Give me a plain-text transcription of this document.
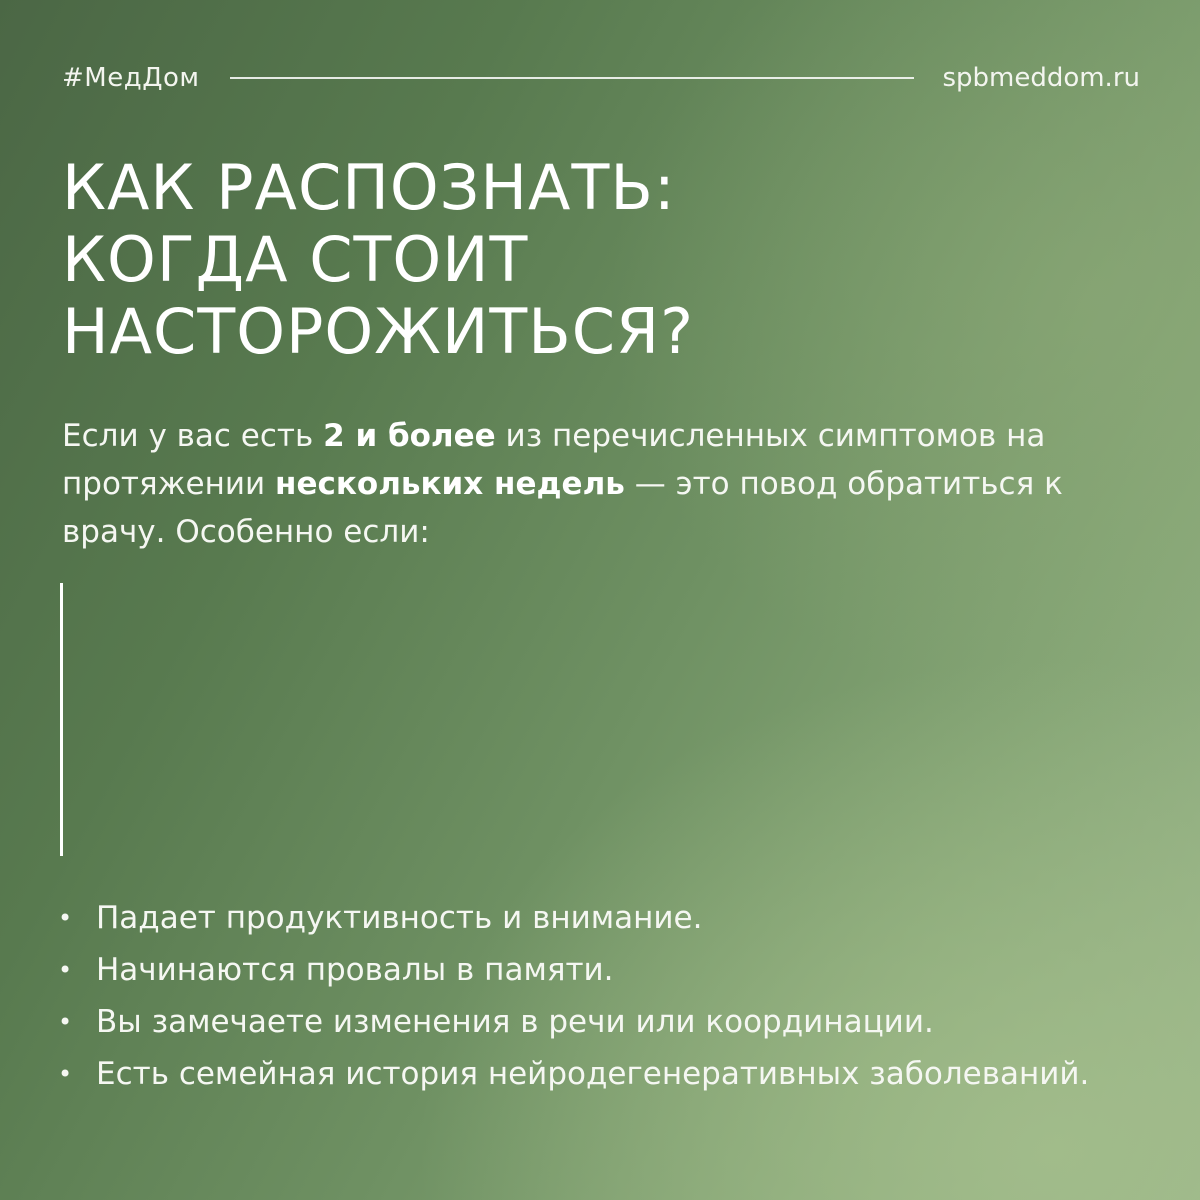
#МедДом	spbmeddom.ru
КАК РАСПОЗНАТЬ:
КОГДА СТОИТ
НАСТОРОЖИТЬСЯ?

Если у вас есть 2 и более из перечисленных симптомов на протяжении нескольких недель — это повод обратиться к врачу. Особенно если:

• Падает продуктивность и внимание.
• Начинаются провалы в памяти.
• Вы замечаете изменения в речи или координации.
• Есть семейная история нейродегенеративных заболеваний.
